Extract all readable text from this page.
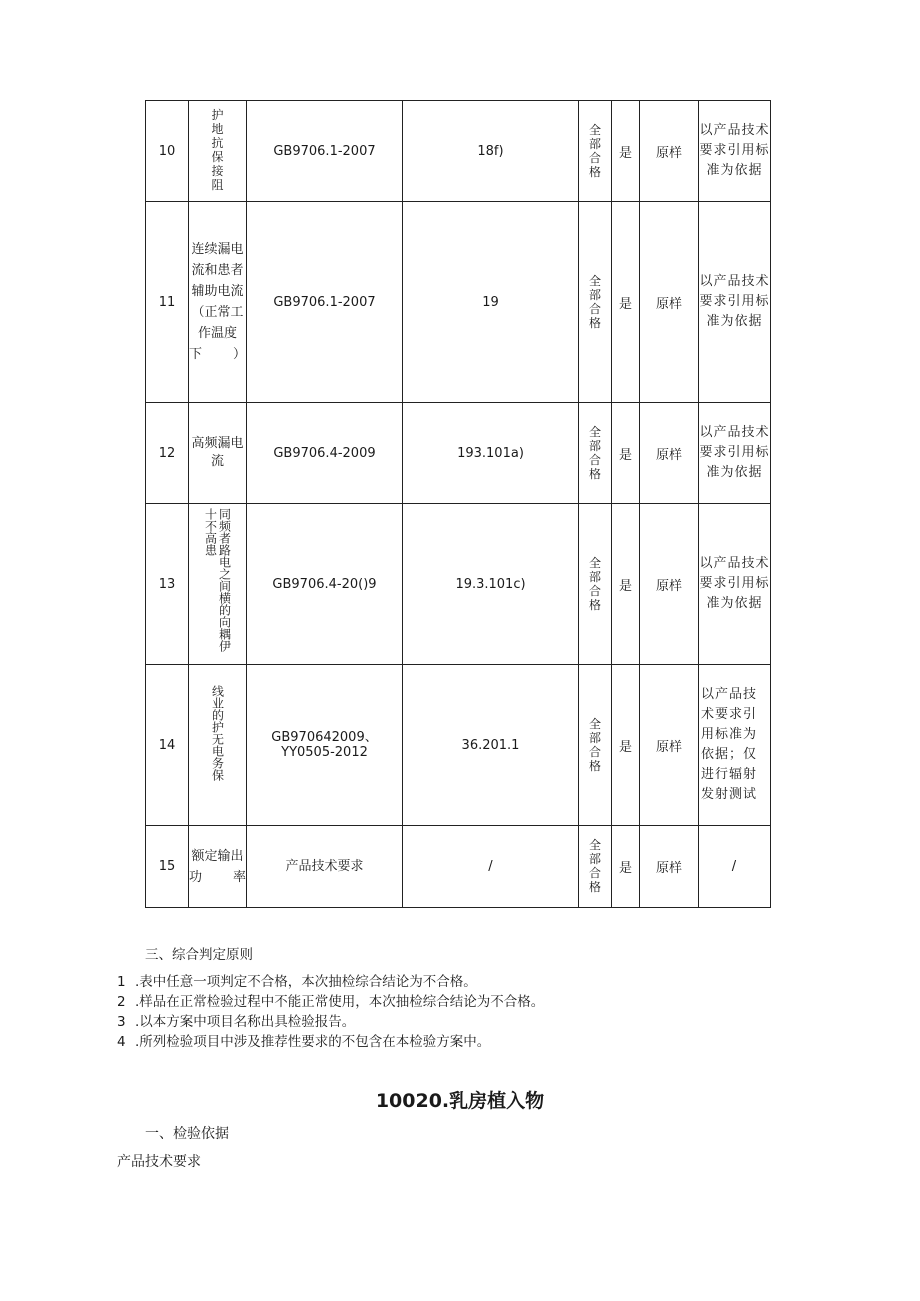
10	护地抗保接阻	GB9706.1-2007	18f)	全部合格	是	原样	以产品技术要求引用标准为依据
11	连续漏电流和患者辅助电流（正常工作温度下）	GB9706.1-2007	19	全部合格	是	原样	以产品技术要求引用标准为依据
12	高频漏电流	GB9706.4-2009	193.101a)	全部合格	是	原样	以产品技术要求引用标准为依据
13	同频者路电之间横的向耦伊十不高患	GB9706.4-20()9	19.3.101c)	全部合格	是	原样	以产品技术要求引用标准为依据
14	线业的护无电务保	GB970642009、YY0505-2012	36.201.1	全部合格	是	原样	以产品技术要求引用标准为依据；仅进行辐射发射测试
15	额定输出功率	产品技术要求	/	全部合格	是	原样	/
三、综合判定原则
1 .表中任意一项判定不合格，本次抽检综合结论为不合格。
2 .样品在正常检验过程中不能正常使用，本次抽检综合结论为不合格。
3 .以本方案中项目名称出具检验报告。
4 .所列检验项目中涉及推荐性要求的不包含在本检验方案中。
10020.乳房植入物
一、检验依据
产品技术要求
